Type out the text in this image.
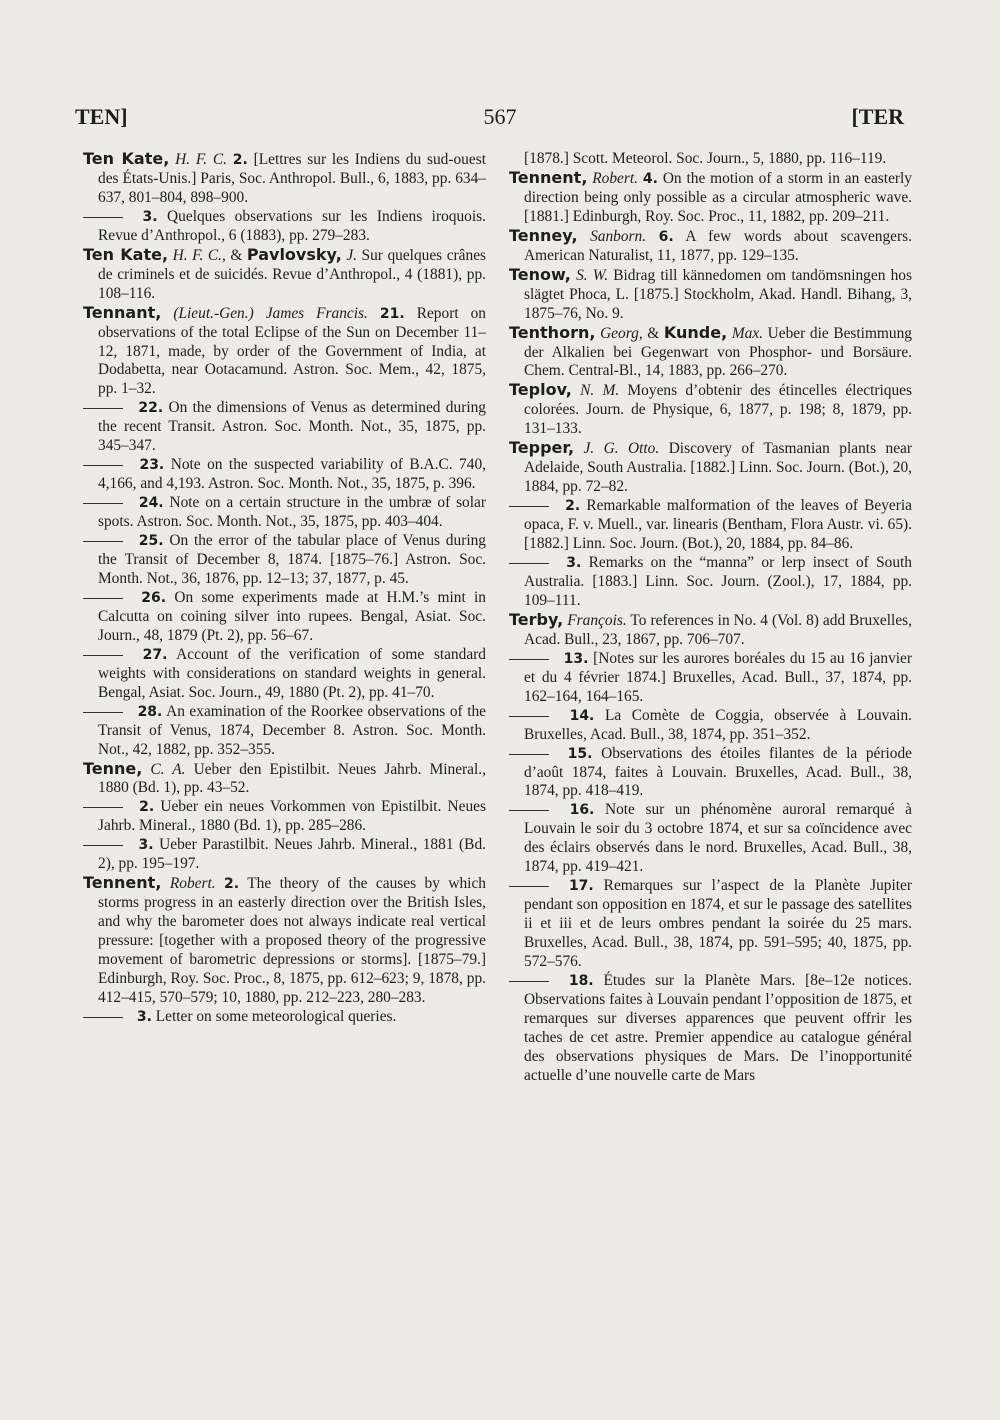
TEN]	567	[TER

Ten Kate, H. F. C. 2. [Lettres sur les Indiens du sud-ouest des États-Unis.] Paris, Soc. Anthropol. Bull., 6, 1883, pp. 634–637, 801–804, 898–900.

3. Quelques observations sur les Indiens iroquois. Revue d’Anthropol., 6 (1883), pp. 279–283.

Ten Kate, H. F. C., & Pavlovsky, J. Sur quelques crânes de criminels et de suicidés. Revue d’Anthropol., 4 (1881), pp. 108–116.

Tennant, (Lieut.-Gen.) James Francis. 21. Report on observations of the total Eclipse of the Sun on December 11–12, 1871, made, by order of the Government of India, at Dodabetta, near Ootacamund. Astron. Soc. Mem., 42, 1875, pp. 1–32.

22. On the dimensions of Venus as determined during the recent Transit. Astron. Soc. Month. Not., 35, 1875, pp. 345–347.

23. Note on the suspected variability of B.A.C. 740, 4,166, and 4,193. Astron. Soc. Month. Not., 35, 1875, p. 396.

24. Note on a certain structure in the umbræ of solar spots. Astron. Soc. Month. Not., 35, 1875, pp. 403–404.

25. On the error of the tabular place of Venus during the Transit of December 8, 1874. [1875–76.] Astron. Soc. Month. Not., 36, 1876, pp. 12–13; 37, 1877, p. 45.

26. On some experiments made at H.M.’s mint in Calcutta on coining silver into rupees. Bengal, Asiat. Soc. Journ., 48, 1879 (Pt. 2), pp. 56–67.

27. Account of the verification of some standard weights with considerations on standard weights in general. Bengal, Asiat. Soc. Journ., 49, 1880 (Pt. 2), pp. 41–70.

28. An examination of the Roorkee observations of the Transit of Venus, 1874, December 8. Astron. Soc. Month. Not., 42, 1882, pp. 352–355.

Tenne, C. A. Ueber den Epistilbit. Neues Jahrb. Mineral., 1880 (Bd. 1), pp. 43–52.

2. Ueber ein neues Vorkommen von Epistilbit. Neues Jahrb. Mineral., 1880 (Bd. 1), pp. 285–286.

3. Ueber Parastilbit. Neues Jahrb. Mineral., 1881 (Bd. 2), pp. 195–197.

Tennent, Robert. 2. The theory of the causes by which storms progress in an easterly direction over the British Isles, and why the barometer does not always indicate real vertical pressure: [together with a proposed theory of the progressive movement of barometric depressions or storms]. [1875–79.] Edinburgh, Roy. Soc. Proc., 8, 1875, pp. 612–623; 9, 1878, pp. 412–415, 570–579; 10, 1880, pp. 212–223, 280–283.

3. Letter on some meteorological queries.

[1878.] Scott. Meteorol. Soc. Journ., 5, 1880, pp. 116–119.

Tennent, Robert. 4. On the motion of a storm in an easterly direction being only possible as a circular atmospheric wave. [1881.] Edinburgh, Roy. Soc. Proc., 11, 1882, pp. 209–211.

Tenney, Sanborn. 6. A few words about scavengers. American Naturalist, 11, 1877, pp. 129–135.

Tenow, S. W. Bidrag till kännedomen om tandömsningen hos slägtet Phoca, L. [1875.] Stockholm, Akad. Handl. Bihang, 3, 1875–76, No. 9.

Tenthorn, Georg, & Kunde, Max. Ueber die Bestimmung der Alkalien bei Gegenwart von Phosphor- und Borsäure. Chem. Central-Bl., 14, 1883, pp. 266–270.

Teplov, N. M. Moyens d’obtenir des étincelles électriques colorées. Journ. de Physique, 6, 1877, p. 198; 8, 1879, pp. 131–133.

Tepper, J. G. Otto. Discovery of Tasmanian plants near Adelaide, South Australia. [1882.] Linn. Soc. Journ. (Bot.), 20, 1884, pp. 72–82.

2. Remarkable malformation of the leaves of Beyeria opaca, F. v. Muell., var. linearis (Bentham, Flora Austr. vi. 65). [1882.] Linn. Soc. Journ. (Bot.), 20, 1884, pp. 84–86.

3. Remarks on the “manna” or lerp insect of South Australia. [1883.] Linn. Soc. Journ. (Zool.), 17, 1884, pp. 109–111.

Terby, François. To references in No. 4 (Vol. 8) add Bruxelles, Acad. Bull., 23, 1867, pp. 706–707.

13. [Notes sur les aurores boréales du 15 au 16 janvier et du 4 février 1874.] Bruxelles, Acad. Bull., 37, 1874, pp. 162–164, 164–165.

14. La Comète de Coggia, observée à Louvain. Bruxelles, Acad. Bull., 38, 1874, pp. 351–352.

15. Observations des étoiles filantes de la période d’août 1874, faites à Louvain. Bruxelles, Acad. Bull., 38, 1874, pp. 418–419.

16. Note sur un phénomène auroral remarqué à Louvain le soir du 3 octobre 1874, et sur sa coïncidence avec des éclairs observés dans le nord. Bruxelles, Acad. Bull., 38, 1874, pp. 419–421.

17. Remarques sur l’aspect de la Planète Jupiter pendant son opposition en 1874, et sur le passage des satellites ii et iii et de leurs ombres pendant la soirée du 25 mars. Bruxelles, Acad. Bull., 38, 1874, pp. 591–595; 40, 1875, pp. 572–576.

18. Études sur la Planète Mars. [8e–12e notices. Observations faites à Louvain pendant l’opposition de 1875, et remarques sur diverses apparences que peuvent offrir les taches de cet astre. Premier appendice au catalogue général des observations physiques de Mars. De l’inopportunité actuelle d’une nouvelle carte de Mars
